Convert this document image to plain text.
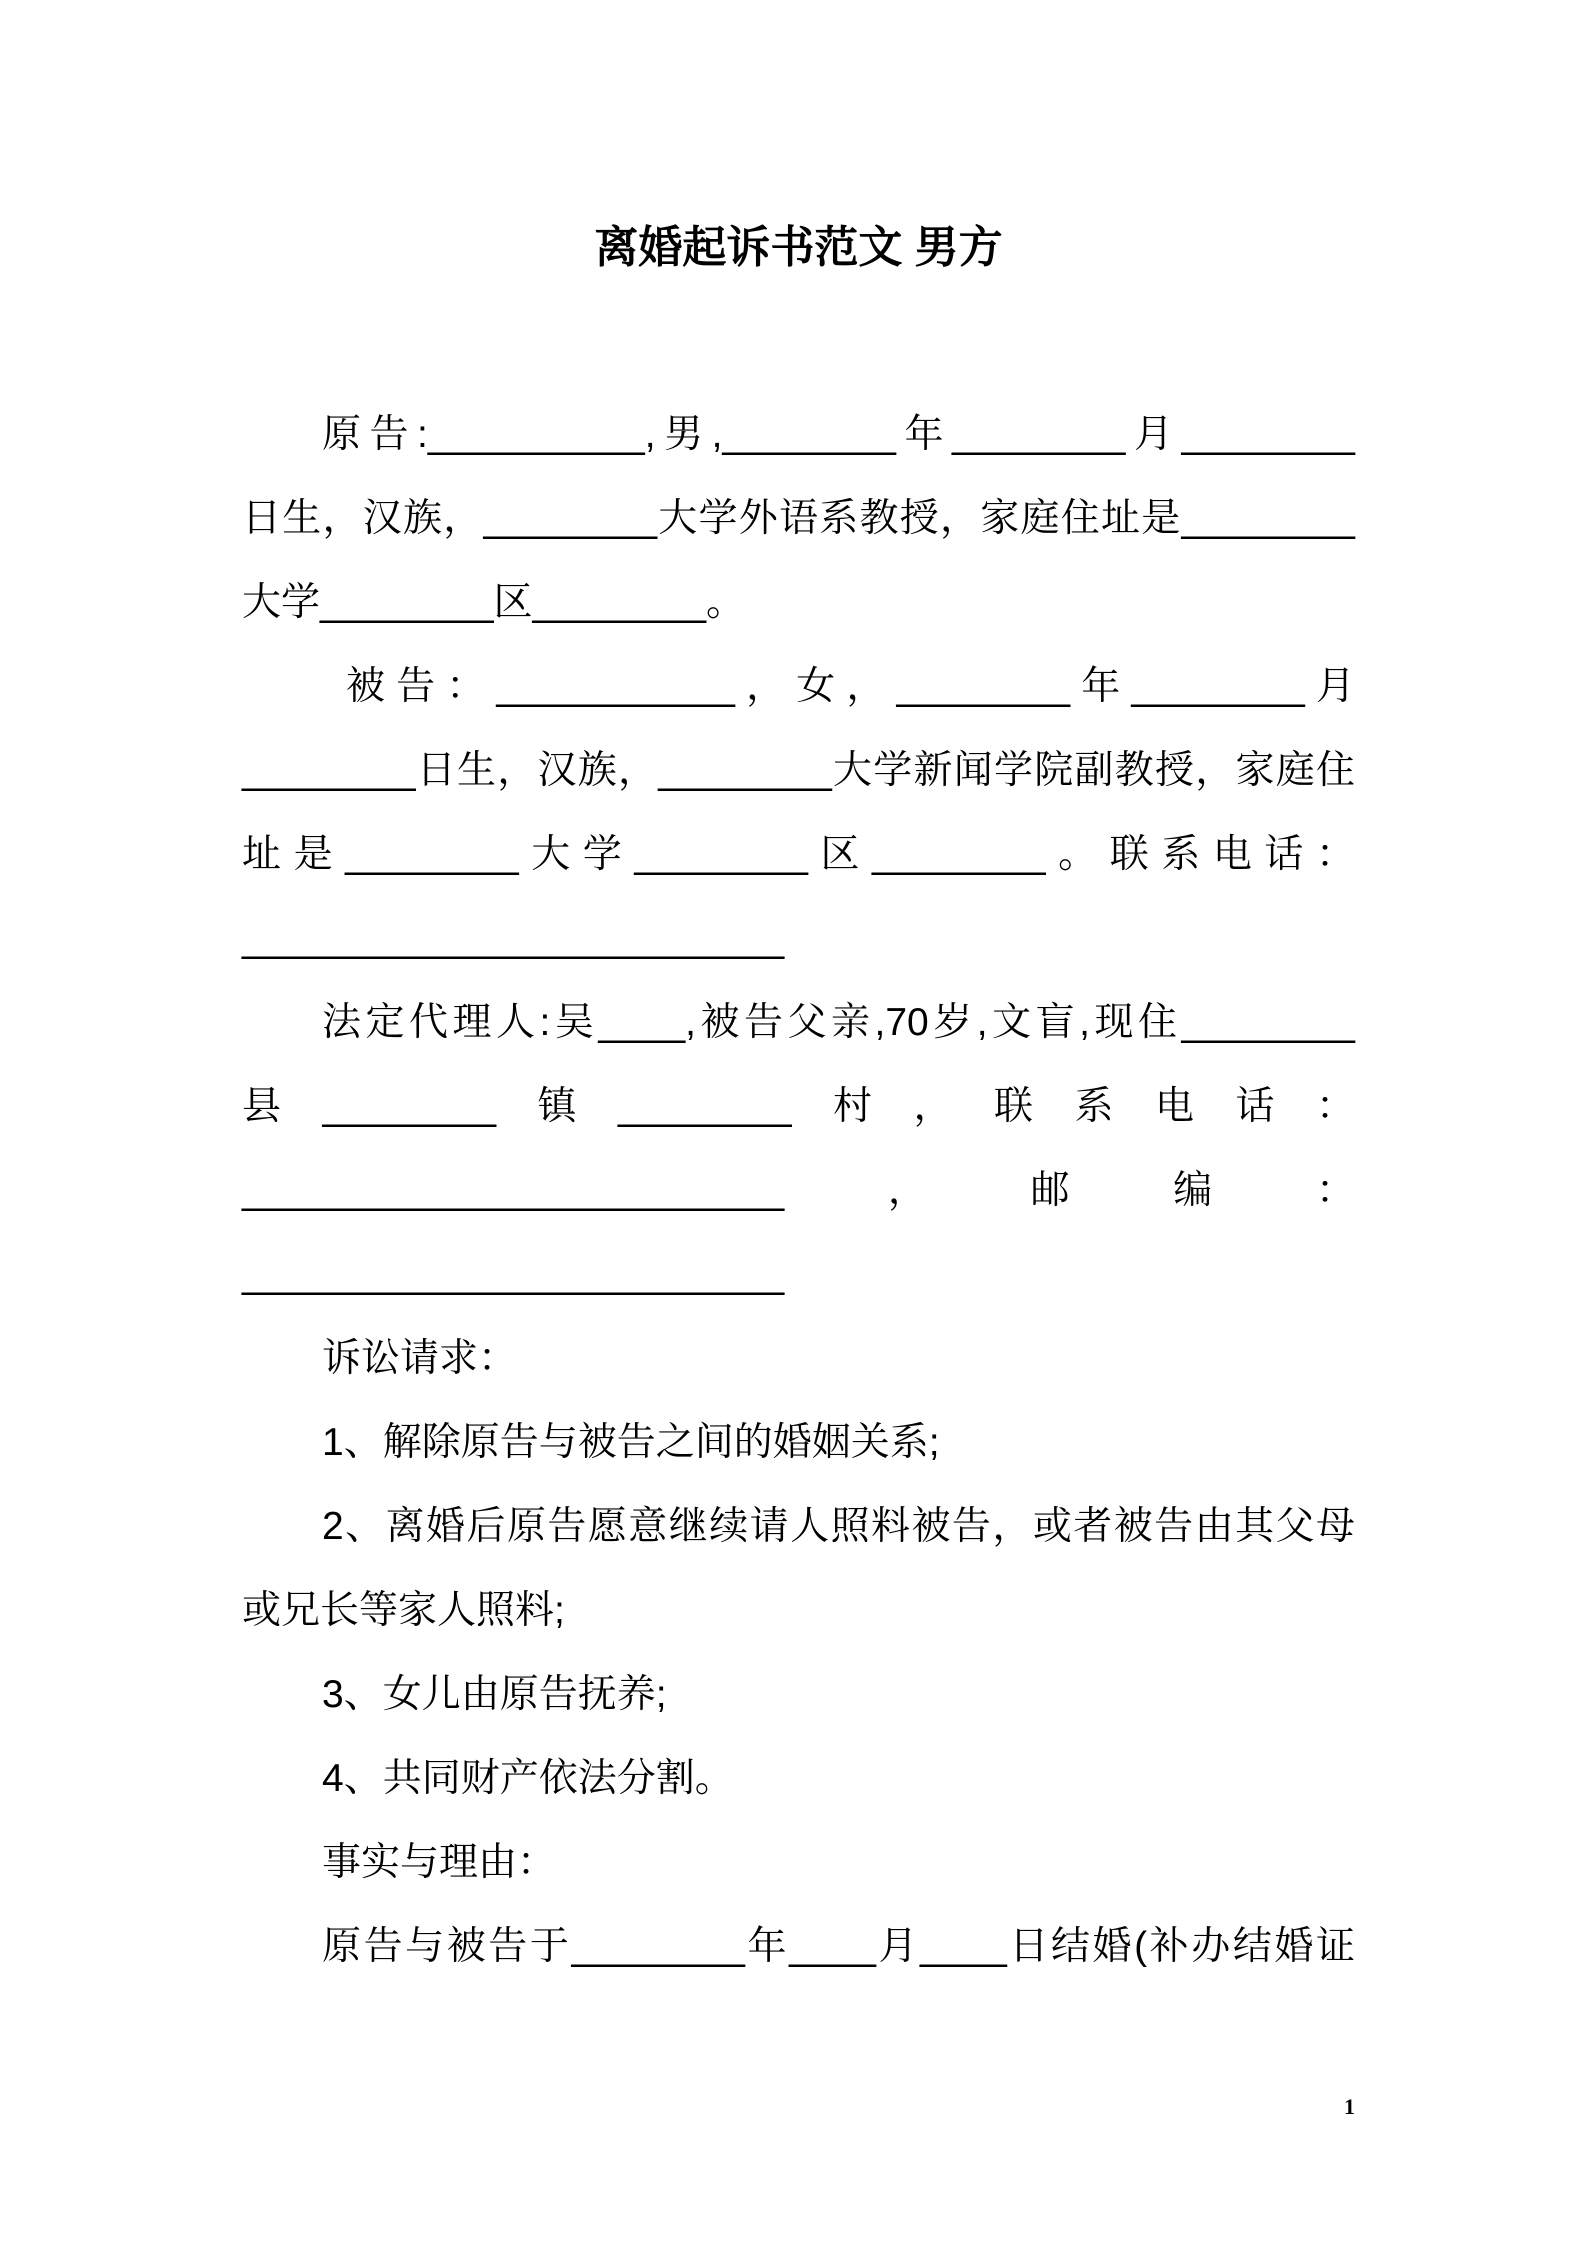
离婚起诉书范文 男方
原告:__________,男,________年________月________
日生，汉族，________大学外语系教授，家庭住址是________
大学________区________。
被告：___________，女，________年________月
________日生，汉族，________大学新闻学院副教授，家庭住
址是________大学________区________。联系电话：
_________________________
法定代理人:吴____,被告父亲,70岁,文盲,现住________
县________镇________村，联系电话：
_________________________，邮编：
_________________________
诉讼请求：
1、解除原告与被告之间的婚姻关系;
2、离婚后原告愿意继续请人照料被告，或者被告由其父母
或兄长等家人照料;
3、女儿由原告抚养;
4、共同财产依法分割。
事实与理由：
原告与被告于________年____月____日结婚(补办结婚证
1
